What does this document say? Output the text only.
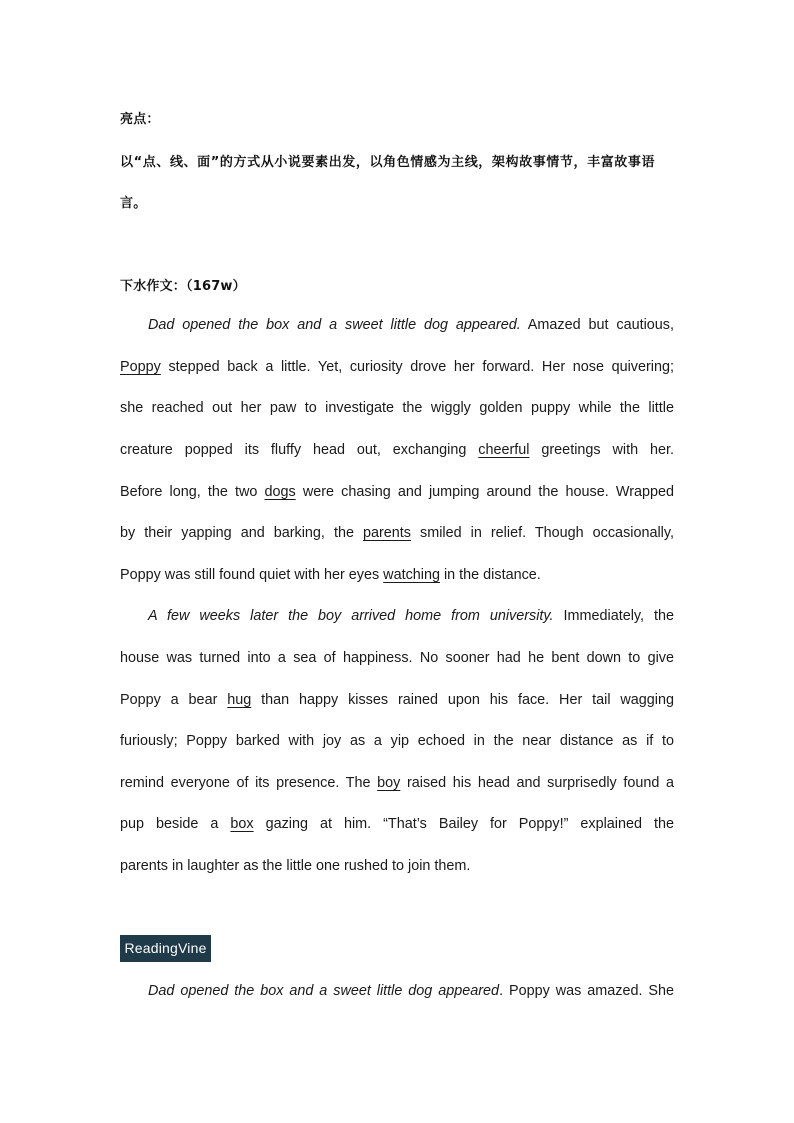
亮点：
以“点、线、面”的方式从小说要素出发，以角色情感为主线，架构故事情节，丰富故事语
言。
下水作文：（167w）
Dad opened the box and a sweet little dog appeared. Amazed but cautious,
Poppy stepped back a little. Yet, curiosity drove her forward. Her nose quivering;
she reached out her paw to investigate the wiggly golden puppy while the little
creature popped its fluffy head out, exchanging cheerful greetings with her.
Before long, the two dogs were chasing and jumping around the house. Wrapped
by their yapping and barking, the parents smiled in relief. Though occasionally,
Poppy was still found quiet with her eyes watching in the distance.
A few weeks later the boy arrived home from university. Immediately, the
house was turned into a sea of happiness. No sooner had he bent down to give
Poppy a bear hug than happy kisses rained upon his face. Her tail wagging
furiously; Poppy barked with joy as a yip echoed in the near distance as if to
remind everyone of its presence. The boy raised his head and surprisedly found a
pup beside a box gazing at him. “That’s Bailey for Poppy!” explained the
parents in laughter as the little one rushed to join them.
ReadingVine
Dad opened the box and a sweet little dog appeared. Poppy was amazed. She
